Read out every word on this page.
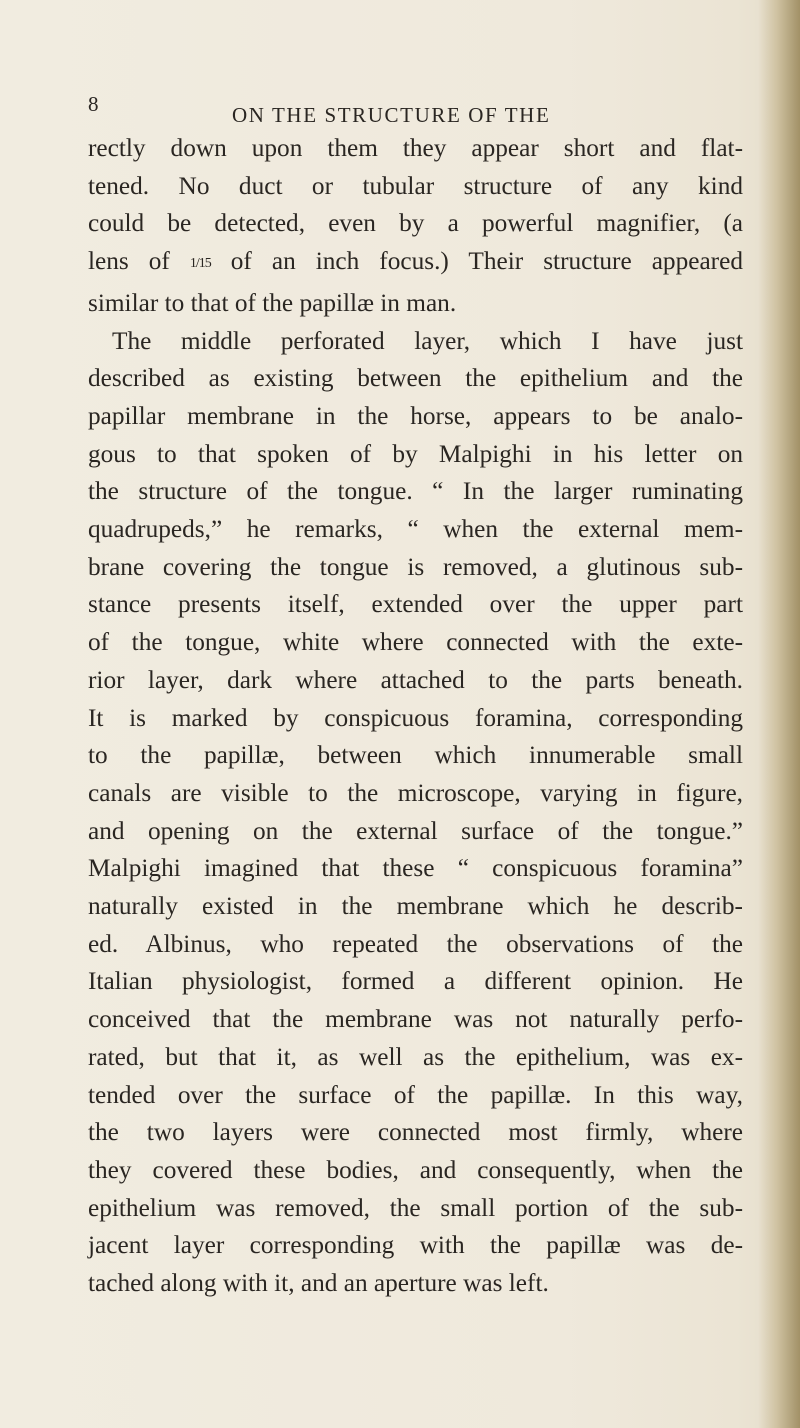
8	ON THE STRUCTURE OF THE
rectly down upon them they appear short and flat-
tened. No duct or tubular structure of any kind
could be detected, even by a powerful magnifier, (a
lens of 1/15 of an inch focus.) Their structure appeared
similar to that of the papillæ in man.
The middle perforated layer, which I have just
described as existing between the epithelium and the
papillar membrane in the horse, appears to be analo-
gous to that spoken of by Malpighi in his letter on
the structure of the tongue. “ In the larger ruminating
quadrupeds,” he remarks, “ when the external mem-
brane covering the tongue is removed, a glutinous sub-
stance presents itself, extended over the upper part
of the tongue, white where connected with the exte-
rior layer, dark where attached to the parts beneath.
It is marked by conspicuous foramina, corresponding
to the papillæ, between which innumerable small
canals are visible to the microscope, varying in figure,
and opening on the external surface of the tongue.”
Malpighi imagined that these “ conspicuous foramina”
naturally existed in the membrane which he describ-
ed. Albinus, who repeated the observations of the
Italian physiologist, formed a different opinion. He
conceived that the membrane was not naturally perfo-
rated, but that it, as well as the epithelium, was ex-
tended over the surface of the papillæ. In this way,
the two layers were connected most firmly, where
they covered these bodies, and consequently, when the
epithelium was removed, the small portion of the sub-
jacent layer corresponding with the papillæ was de-
tached along with it, and an aperture was left.
